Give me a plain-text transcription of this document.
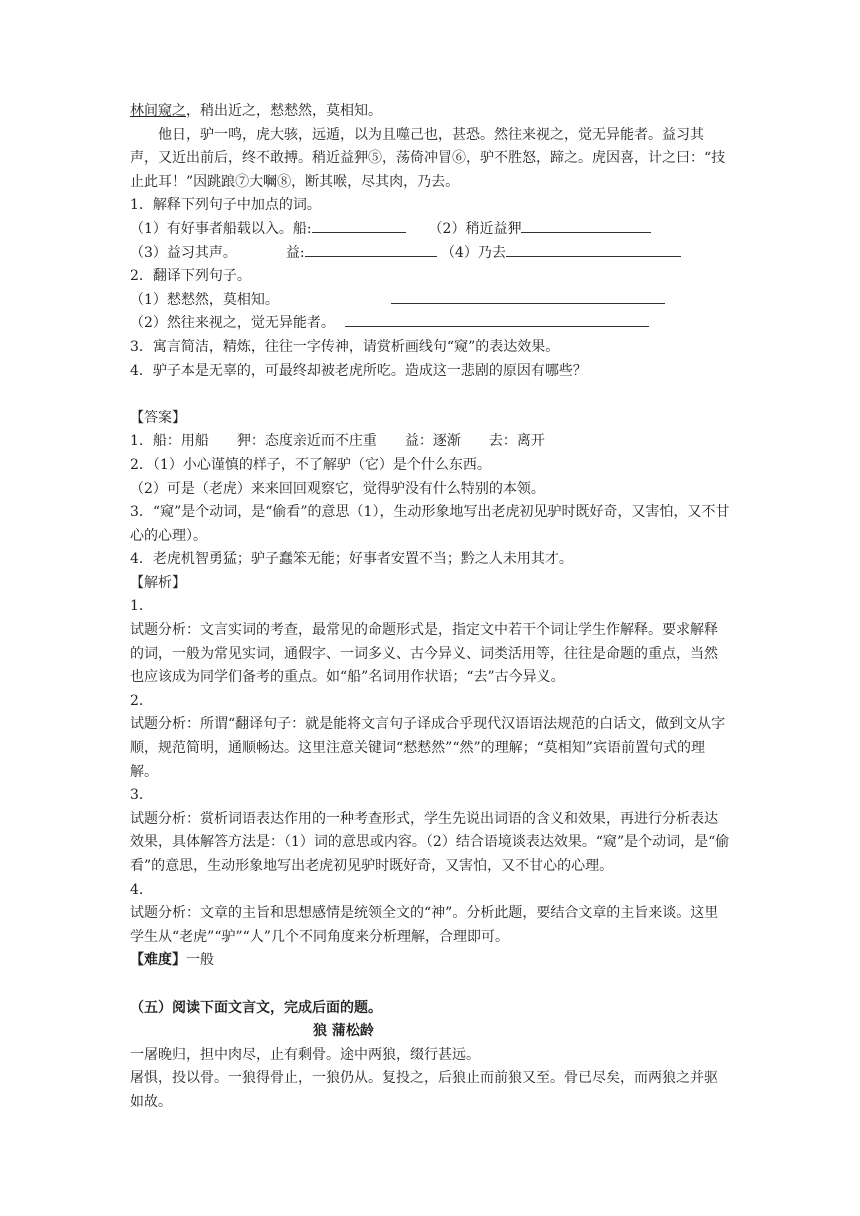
林间窥之，稍出近之，慭慭然，莫相知。

他日，驴一鸣，虎大骇，远遁，以为且噬己也，甚恐。然往来视之，觉无异能者。益习其声，又近出前后，终不敢搏。稍近益狎⑤，荡倚冲冒⑥，驴不胜怒，蹄之。虎因喜，计之曰：“技止此耳！”因跳踉⑦大㘎⑧，断其喉，尽其肉，乃去。

1．解释下列句子中加点的词。

（1）有好事者船载以入。船:	（2）稍近益狎
（3）益习其声。	益:	（4）乃去

2．翻译下列句子。

（1）慭慭然，莫相知。
（2）然往来视之，觉无异能者。

3．寓言简洁，精炼，往往一字传神，请赏析画线句“窥”的表达效果。

4．驴子本是无辜的，可最终却被老虎所吃。造成这一悲剧的原因有哪些？

【答案】

1．船：用船　　狎：态度亲近而不庄重　　益：逐渐　　去：离开

2．（1）小心谨慎的样子，不了解驴（它）是个什么东西。

（2）可是（老虎）来来回回观察它，觉得驴没有什么特别的本领。

3．“窥”是个动词，是“偷看”的意思（1），生动形象地写出老虎初见驴时既好奇，又害怕，又不甘心的心理）。

4．老虎机智勇猛；驴子蠢笨无能；好事者安置不当；黔之人未用其才。

【解析】

1．

试题分析：文言实词的考查，最常见的命题形式是，指定文中若干个词让学生作解释。要求解释的词，一般为常见实词，通假字、一词多义、古今异义、词类活用等，往往是命题的重点，当然也应该成为同学们备考的重点。如“船”名词用作状语；“去”古今异义。

2．

试题分析：所谓“翻译句子：就是能将文言句子译成合乎现代汉语语法规范的白话文，做到文从字顺，规范简明，通顺畅达。这里注意关键词“慭慭然”“然”的理解；“莫相知”宾语前置句式的理解。

3．

试题分析：赏析词语表达作用的一种考查形式，学生先说出词语的含义和效果，再进行分析表达效果，具体解答方法是：（1）词的意思或内容。（2）结合语境谈表达效果。“窥”是个动词，是“偷看”的意思，生动形象地写出老虎初见驴时既好奇，又害怕，又不甘心的心理。

4．

试题分析：文章的主旨和思想感情是统领全文的“神”。分析此题，要结合文章的主旨来谈。这里学生从“老虎”“驴”“人”几个不同角度来分析理解，合理即可。

【难度】一般

（五）阅读下面文言文，完成后面的题。

狼 蒲松龄

一屠晚归，担中肉尽，止有剩骨。途中两狼，缀行甚远。

屠惧，投以骨。一狼得骨止，一狼仍从。复投之，后狼止而前狼又至。骨已尽矣，而两狼之并驱如故。
